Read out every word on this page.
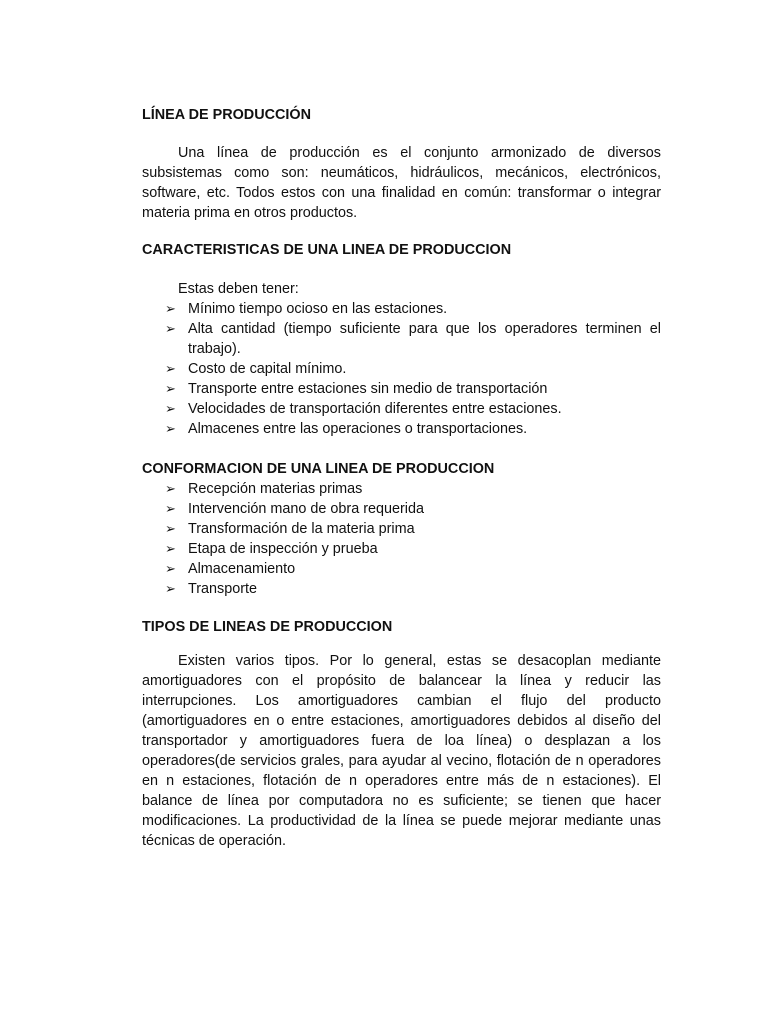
LÍNEA DE PRODUCCIÓN

Una línea de producción es el conjunto armonizado de diversos subsistemas como son: neumáticos, hidráulicos, mecánicos, electrónicos, software, etc. Todos estos con una finalidad en común: transformar o integrar materia prima en otros productos.

CARACTERISTICAS DE UNA LINEA DE PRODUCCION
Estas deben tener:
➢ Mínimo tiempo ocioso en las estaciones.
➢ Alta cantidad (tiempo suficiente para que los operadores terminen el trabajo).
➢ Costo de capital mínimo.
➢ Transporte entre estaciones sin medio de transportación
➢ Velocidades de transportación diferentes entre estaciones.
➢ Almacenes entre las operaciones o transportaciones.
CONFORMACION DE UNA LINEA DE PRODUCCION
➢ Recepción materias primas
➢ Intervención mano de obra requerida
➢ Transformación de la materia prima
➢ Etapa de inspección y prueba
➢ Almacenamiento
➢ Transporte
TIPOS DE LINEAS DE PRODUCCION

Existen varios tipos. Por lo general, estas se desacoplan mediante amortiguadores con el propósito de balancear la línea y reducir las interrupciones. Los amortiguadores cambian el flujo del producto (amortiguadores en o entre estaciones, amortiguadores debidos al diseño del transportador y amortiguadores fuera de loa línea) o desplazan a los operadores(de servicios grales, para ayudar al vecino, flotación de n operadores en n estaciones, flotación de n operadores entre más de n estaciones). El balance de línea por computadora no es suficiente; se tienen que hacer modificaciones. La productividad de la línea se puede mejorar mediante unas técnicas de operación.
